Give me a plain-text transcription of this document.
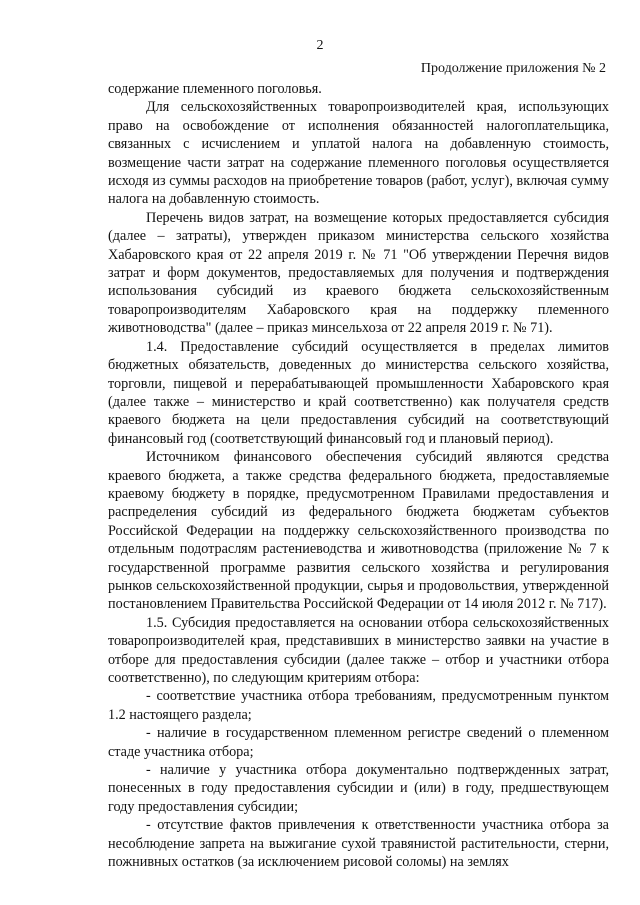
2
Продолжение приложения № 2

содержание племенного поголовья.

Для сельскохозяйственных товаропроизводителей края, использующих право на освобождение от исполнения обязанностей налогоплательщика, связанных с исчислением и уплатой налога на добавленную стоимость, возмещение части затрат на содержание племенного поголовья осуществляется исходя из суммы расходов на приобретение товаров (работ, услуг), включая сумму налога на добавленную стоимость.

Перечень видов затрат, на возмещение которых предоставляется субсидия (далее – затраты), утвержден приказом министерства сельского хозяйства Хабаровского края от 22 апреля 2019 г. № 71 "Об утверждении Перечня видов затрат и форм документов, предоставляемых для получения и подтверждения использования субсидий из краевого бюджета сельскохозяйственным товаропроизводителям Хабаровского края на поддержку племенного животноводства" (далее – приказ минсельхоза от 22 апреля 2019 г. № 71).

1.4. Предоставление субсидий осуществляется в пределах лимитов бюджетных обязательств, доведенных до министерства сельского хозяйства, торговли, пищевой и перерабатывающей промышленности Хабаровского края (далее также – министерство и край соответственно) как получателя средств краевого бюджета на цели предоставления субсидий на соответствующий финансовый год (соответствующий финансовый год и плановый период).

Источником финансового обеспечения субсидий являются средства краевого бюджета, а также средства федерального бюджета, предоставляемые краевому бюджету в порядке, предусмотренном Правилами предоставления и распределения субсидий из федерального бюджета бюджетам субъектов Российской Федерации на поддержку сельскохозяйственного производства по отдельным подотраслям растениеводства и животноводства (приложение № 7 к государственной программе развития сельского хозяйства и регулирования рынков сельскохозяйственной продукции, сырья и продовольствия, утвержденной постановлением Правительства Российской Федерации от 14 июля 2012 г. № 717).

1.5. Субсидия предоставляется на основании отбора сельскохозяйственных товаропроизводителей края, представивших в министерство заявки на участие в отборе для предоставления субсидии (далее также – отбор и участники отбора соответственно), по следующим критериям отбора:

- соответствие участника отбора требованиям, предусмотренным пунктом 1.2 настоящего раздела;

- наличие в государственном племенном регистре сведений о племенном стаде участника отбора;

- наличие у участника отбора документально подтвержденных затрат, понесенных в году предоставления субсидии и (или) в году, предшествующем году предоставления субсидии;

- отсутствие фактов привлечения к ответственности участника отбора за несоблюдение запрета на выжигание сухой травянистой растительности, стерни, пожнивных остатков (за исключением рисовой соломы) на землях
